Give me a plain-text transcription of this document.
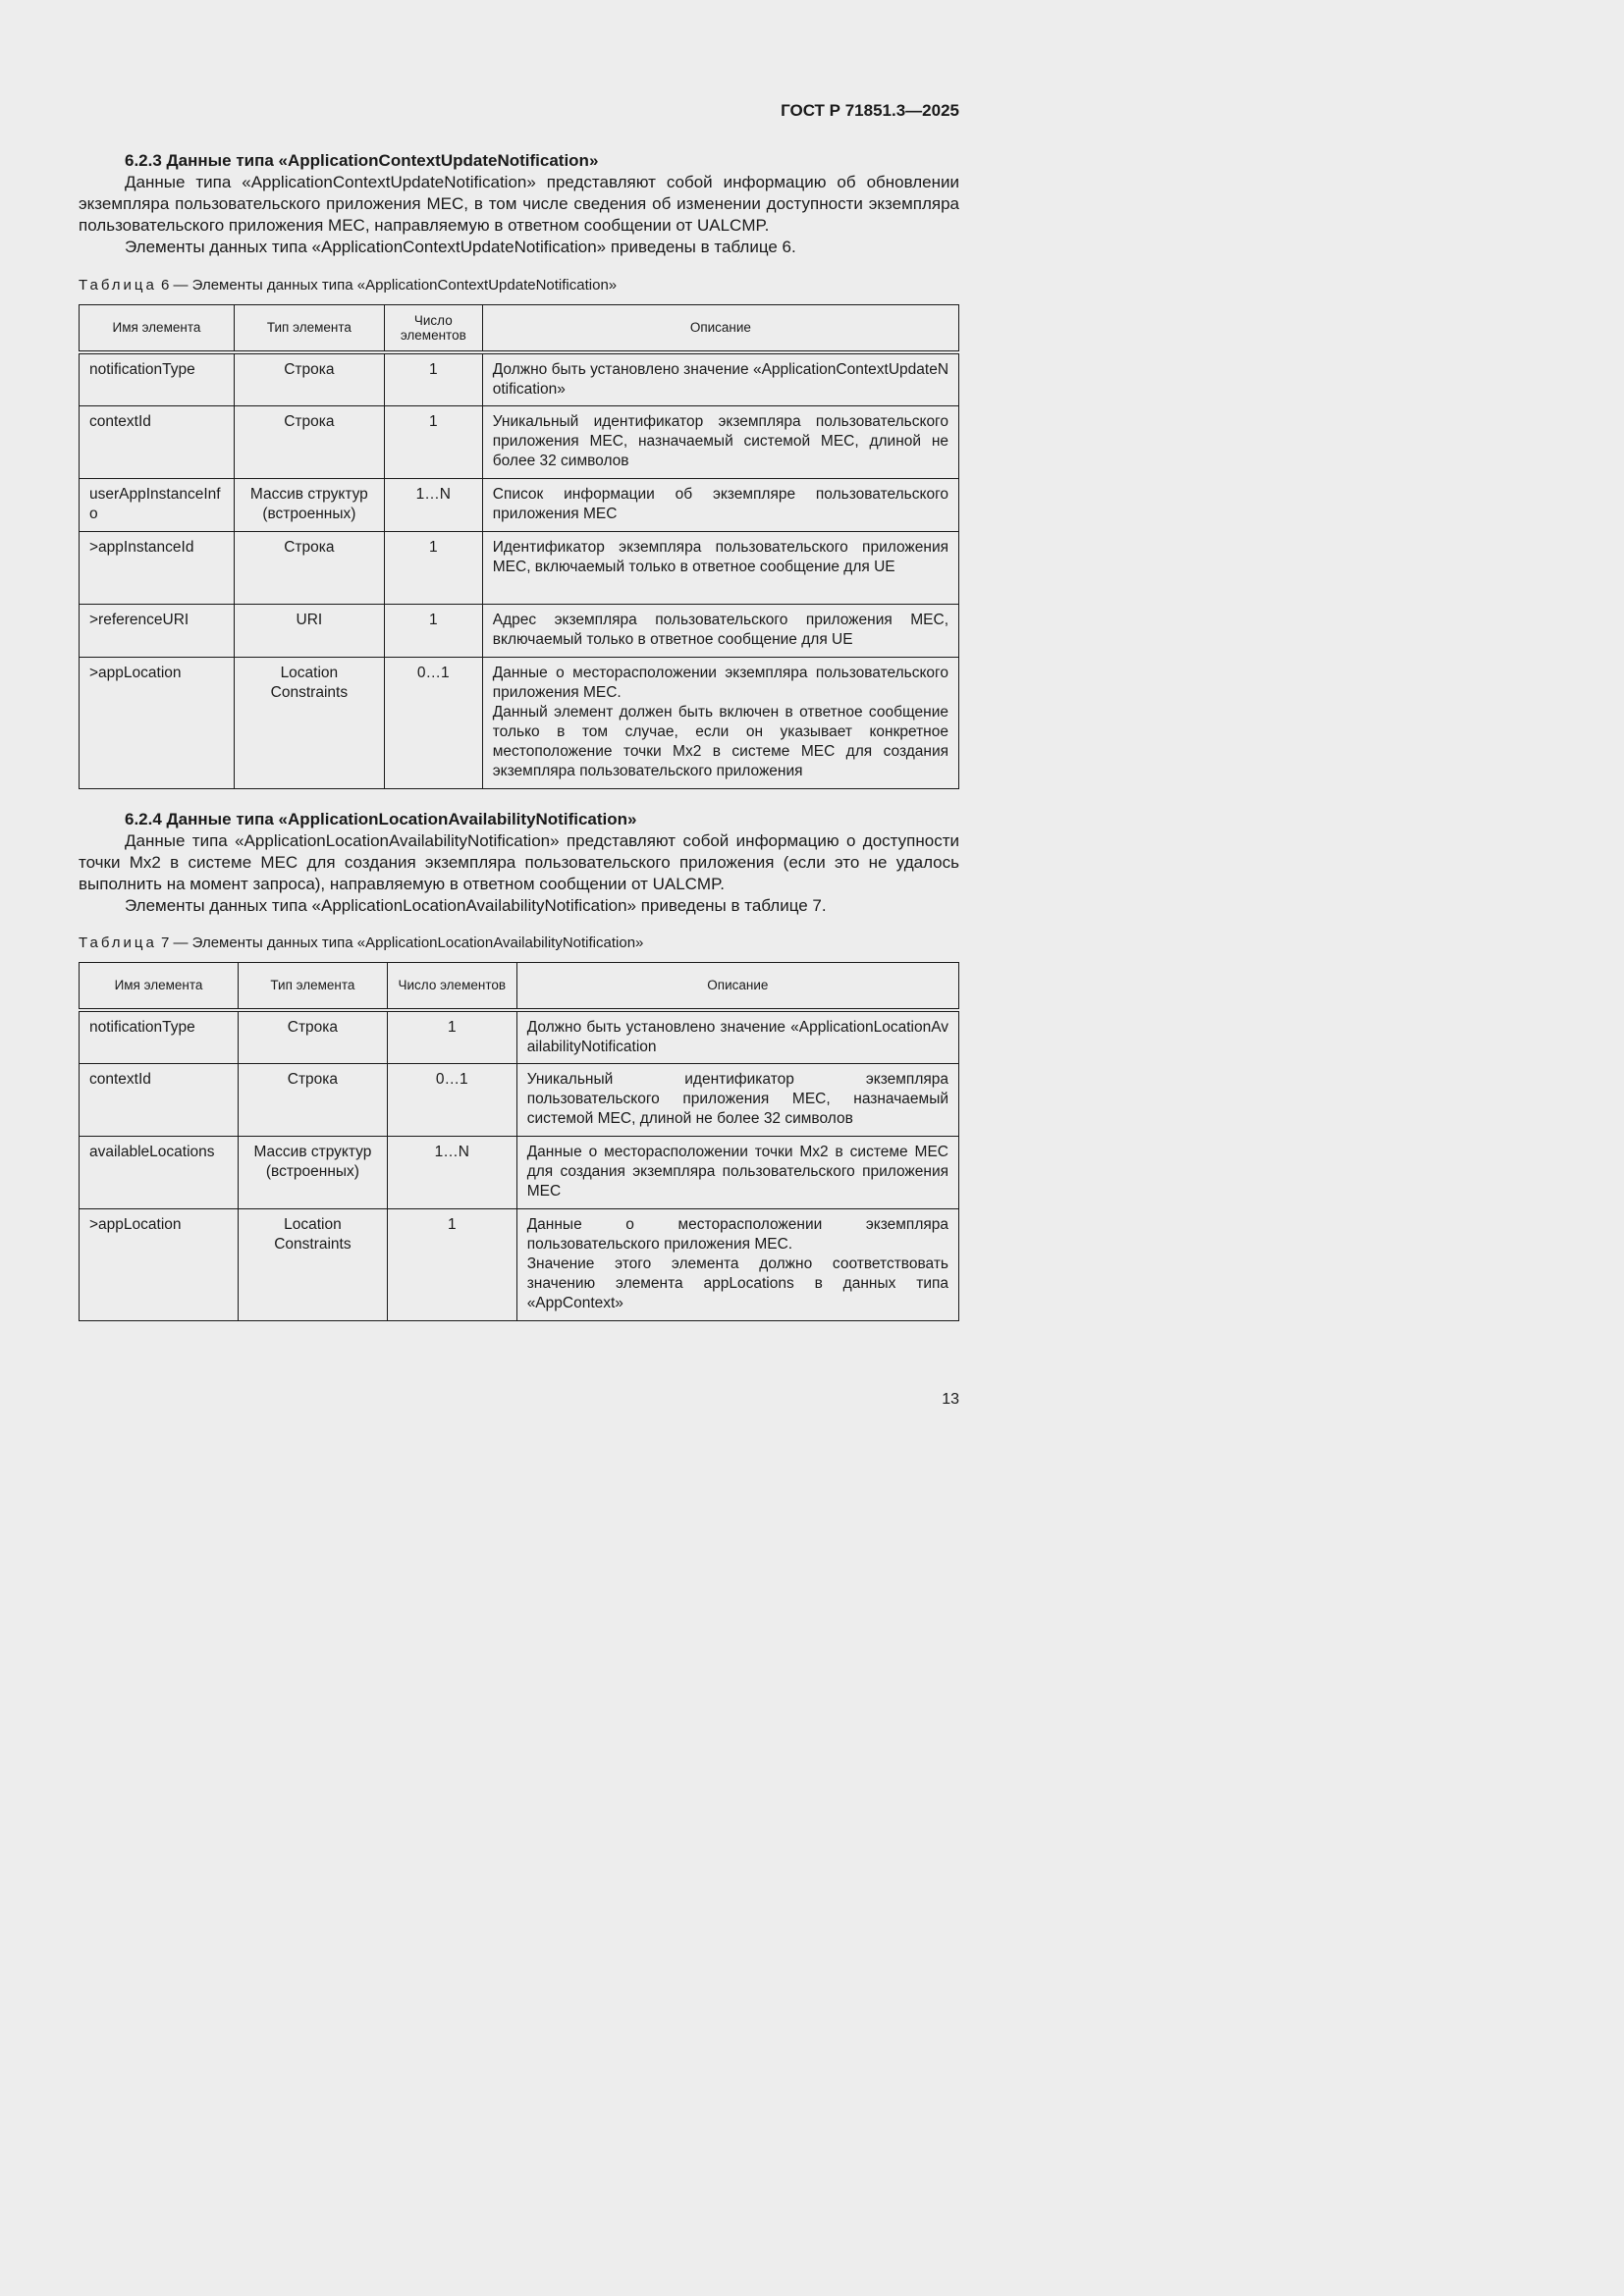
ГОСТ Р 71851.3—2025
6.2.3 Данные типа «ApplicationContextUpdateNotification»

Данные типа «ApplicationContextUpdateNotification» представляют собой информацию об обновлении экземпляра пользовательского приложения MEC, в том числе сведения об изменении доступности экземпляра пользовательского приложения MEC, направляемую в ответном сообщении от UALCMP.

Элементы данных типа «ApplicationContextUpdateNotification» приведены в таблице 6.

Таблица 6 — Элементы данных типа «ApplicationContextUpdateNotification»
Имя элемента	Тип элемента	Число элементов	Описание

notificationType	Строка	1	Должно быть установлено значение «ApplicationContextUpdateNotification»

contextId	Строка	1	Уникальный идентификатор экземпляра пользовательского приложения MEC, назначаемый системой MEC, длиной не более 32 символов

userAppInstanceInfo	Массив структур (встроенных)	1…N	Список информации об экземпляре пользовательского приложения MEC

>appInstanceId	Строка	1	Идентификатор экземпляра пользовательского приложения MEC, включаемый только в ответное сообщение для UE

>referenceURI	URI	1	Адрес экземпляра пользовательского приложения MEC, включаемый только в ответное сообщение для UE

>appLocation	Location Constraints	0…1	Данные о месторасположении экземпляра пользовательского приложения MEC.
Данный элемент должен быть включен в ответное сообщение только в том случае, если он указывает конкретное местоположение точки Mx2 в системе MEC для создания экземпляра пользовательского приложения
6.2.4 Данные типа «ApplicationLocationAvailabilityNotification»

Данные типа «ApplicationLocationAvailabilityNotification» представляют собой информацию о доступности точки Mx2 в системе MEC для создания экземпляра пользовательского приложения (если это не удалось выполнить на момент запроса), направляемую в ответном сообщении от UALCMP.

Элементы данных типа «ApplicationLocationAvailabilityNotification» приведены в таблице 7.

Таблица 7 — Элементы данных типа «ApplicationLocationAvailabilityNotification»
Имя элемента	Тип элемента	Число элементов	Описание

notificationType	Строка	1	Должно быть установлено значение «ApplicationLocationAvailabilityNotification

contextId	Строка	0…1	Уникальный идентификатор экземпляра пользовательского приложения MEC, назначаемый системой MEC, длиной не более 32 символов

availableLocations	Массив структур (встроенных)	1…N	Данные о месторасположении точки Mx2 в системе MEC для создания экземпляра пользовательского приложения MEC

>appLocation	Location Constraints	1	Данные о месторасположении экземпляра пользовательского приложения MEC.
Значение этого элемента должно соответствовать значению элемента appLocations в данных типа «AppContext»
13
